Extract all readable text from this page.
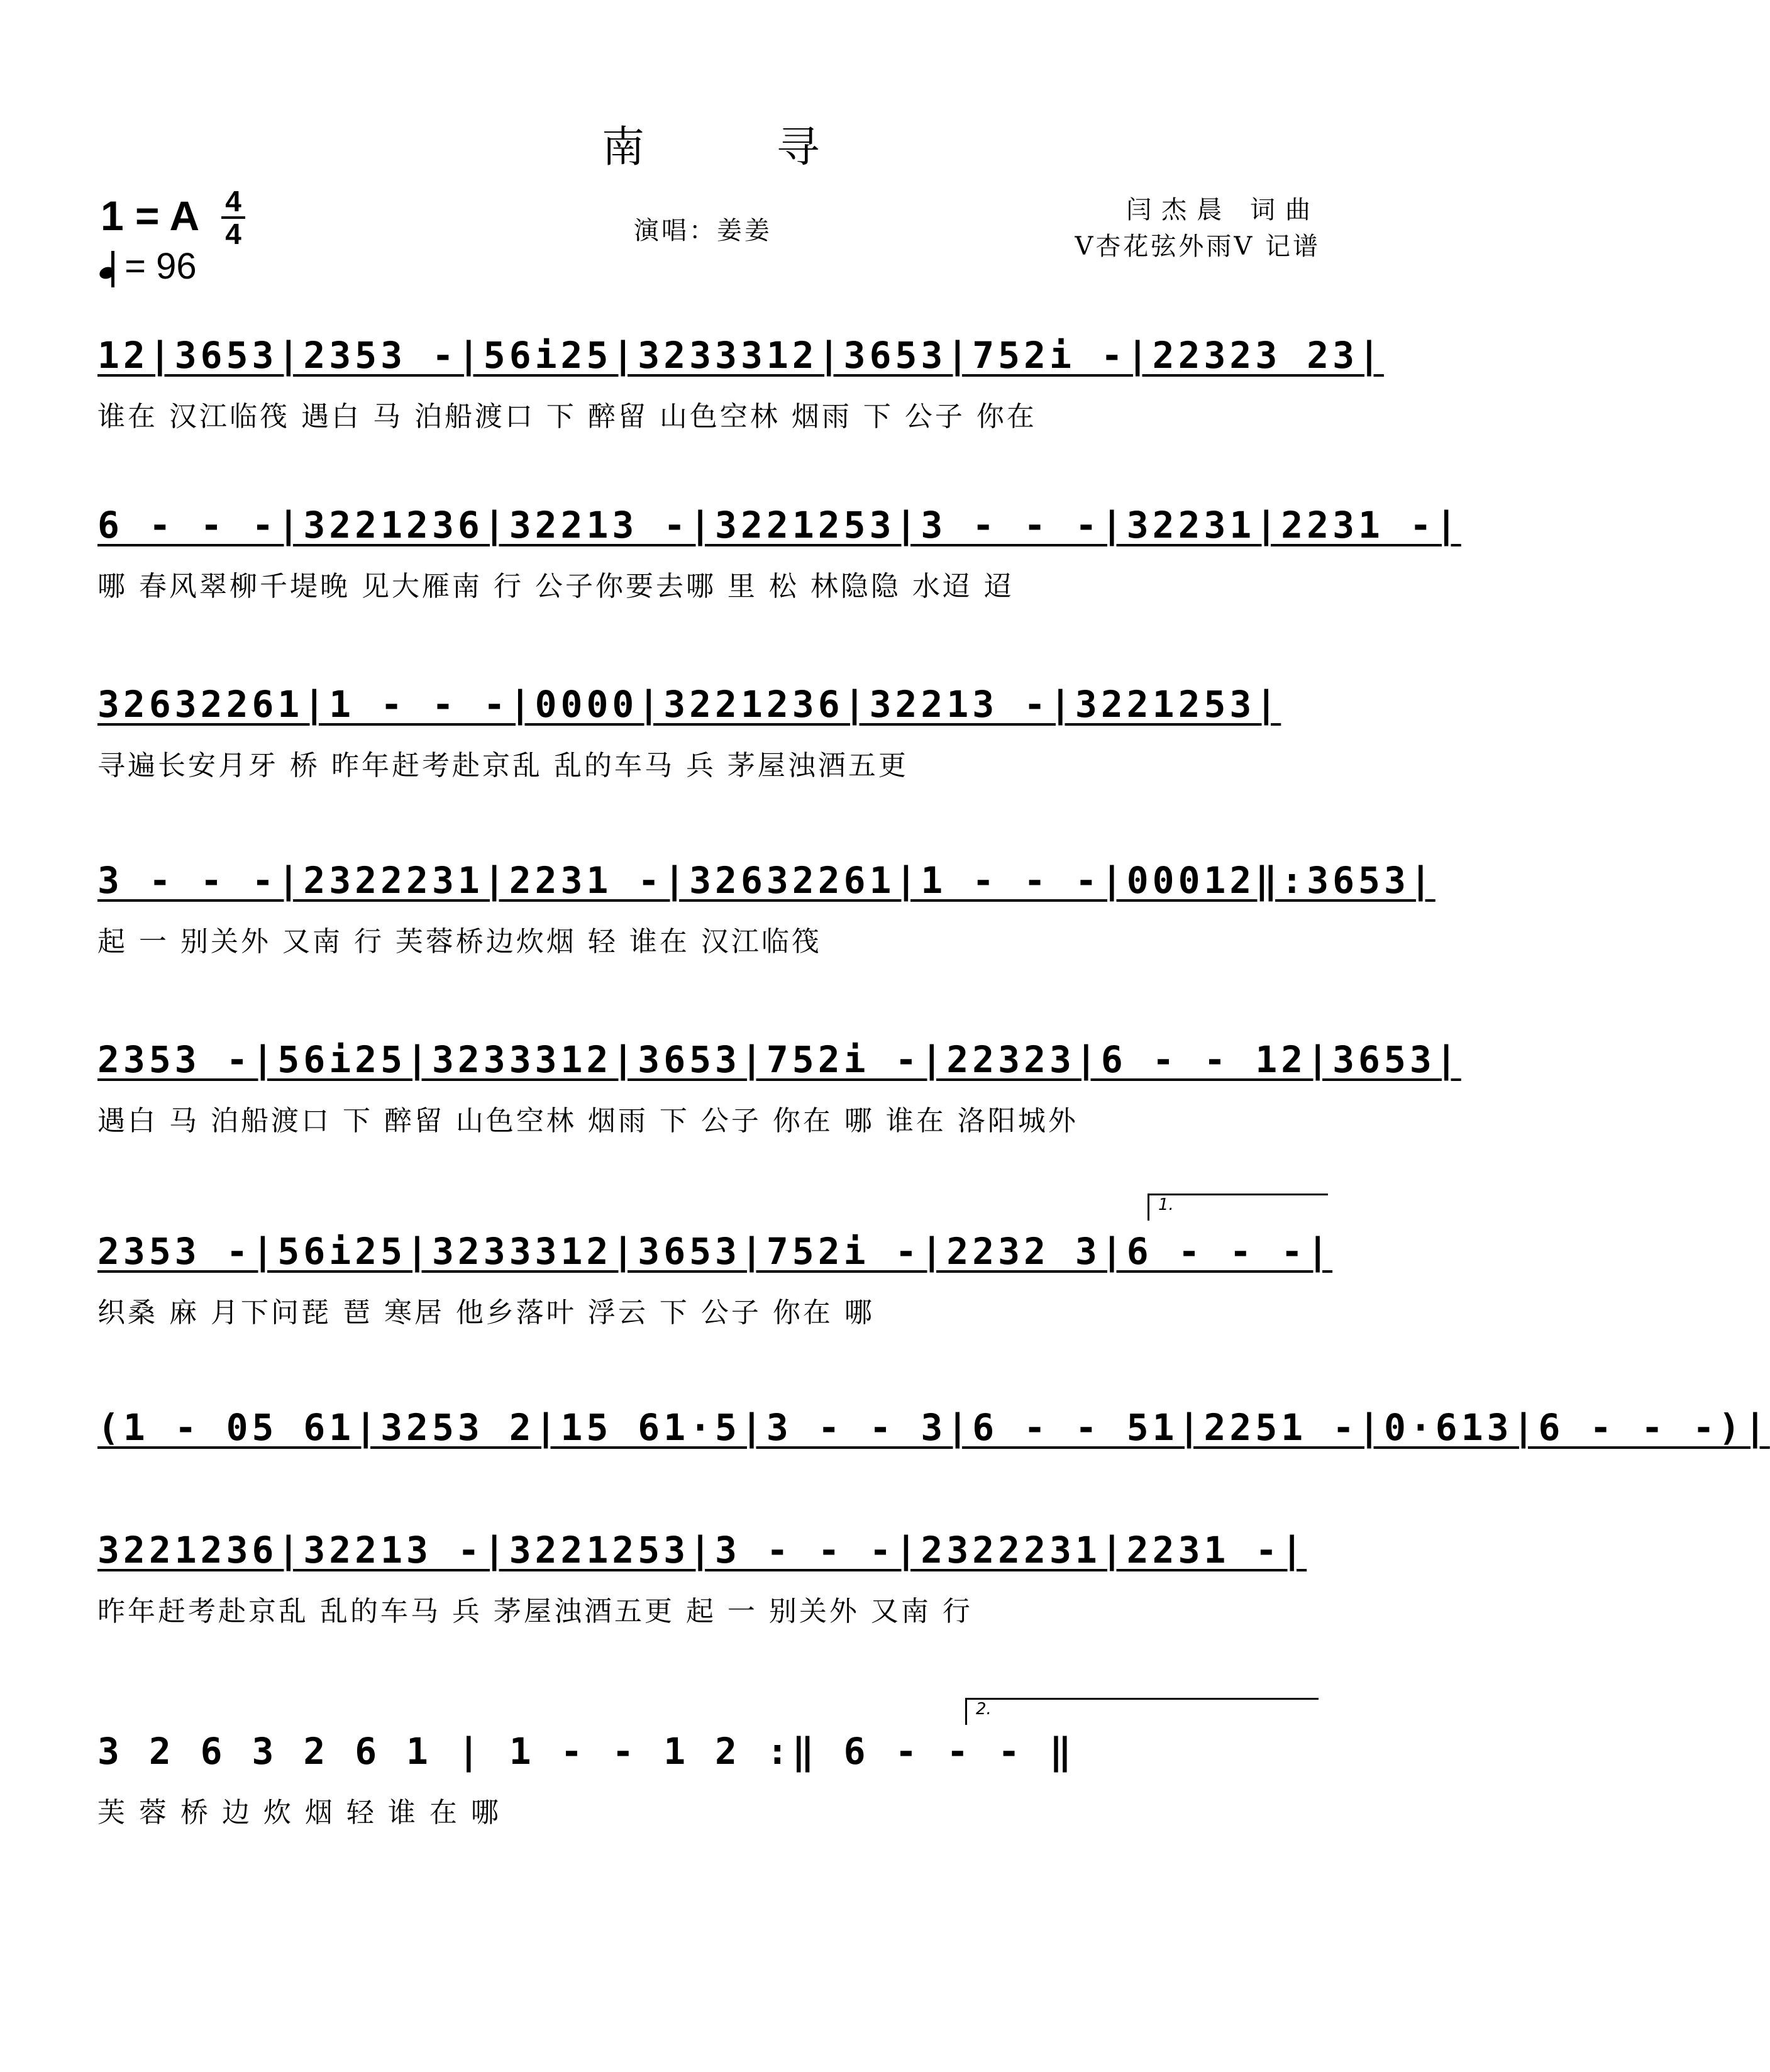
南寻
1 = A 4
4
= 96
演唱：姜姜
闫杰晨 词曲
V杏花弦外雨V 记谱
12|3653|2353 -|56i25|3233312|3653|752i -|22323 23|
谁在 汉江临筏 遇白 马 泊船渡口 下 醉留 山色空林 烟雨 下 公子 你在
6 - - -|3221236|32213 -|3221253|3 - - -|32231|2231 -|
哪 春风翠柳千堤晚 见大雁南 行 公子你要去哪 里 松 林隐隐 水迢 迢
32632261|1 - - -|0000|3221236|32213 -|3221253|
寻遍长安月牙 桥 昨年赶考赴京乱 乱的车马 兵 茅屋浊酒五更
3 - - -|2322231|2231 -|32632261|1 - - -|00012‖:3653|
起 一 别关外 又南 行 芙蓉桥边炊烟 轻 谁在 汉江临筏
2353 -|56i25|3233312|3653|752i -|22323|6 - - 12|3653|
遇白 马 泊船渡口 下 醉留 山色空林 烟雨 下 公子 你在 哪 谁在 洛阳城外
1.
2353 -|56i25|3233312|3653|752i -|2232 3|6 - - -|
织桑 麻 月下问琵 琶 寒居 他乡落叶 浮云 下 公子 你在 哪
(1 - 05 61|3253 2|15 61·5|3 - - 3|6 - - 51|2251 -|0·613|6 - - -)|
3221236|32213 -|3221253|3 - - -|2322231|2231 -|
昨年赶考赴京乱 乱的车马 兵 茅屋浊酒五更 起 一 别关外 又南 行
2.
3 2 6 3 2 6 1 | 1 - - 1 2 :‖ 6 - - - ‖
芙 蓉 桥 边 炊 烟 轻 谁 在 哪
